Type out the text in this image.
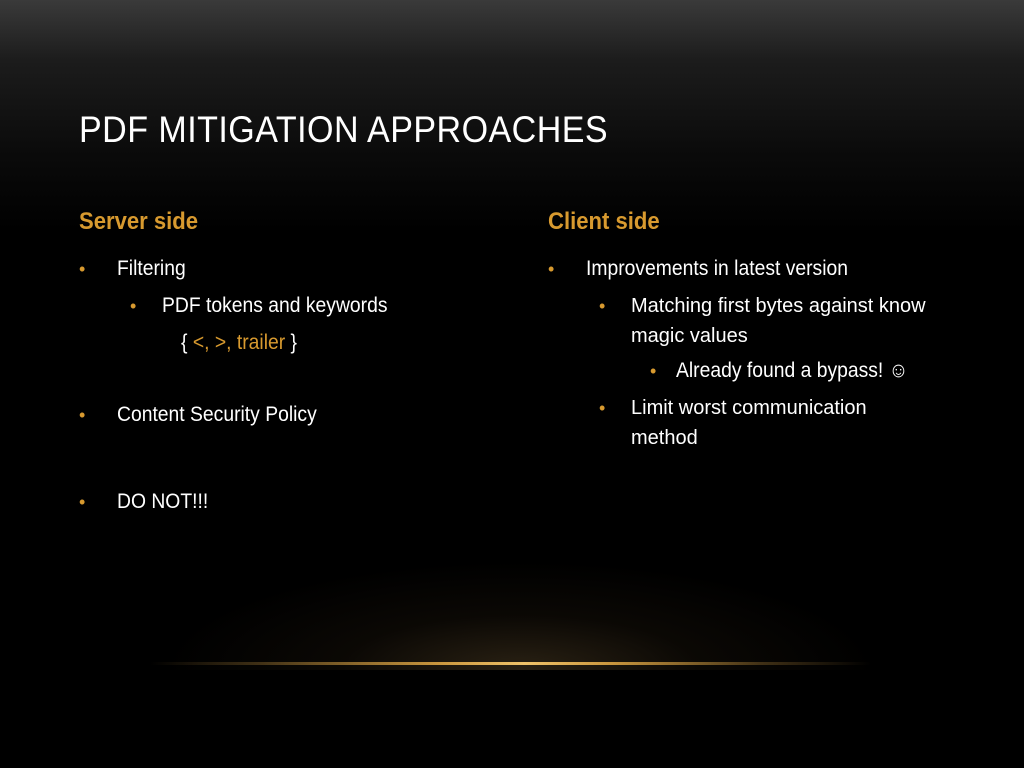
PDF MITIGATION APPROACHES
Server side
• Filtering
• PDF tokens and keywords
{ <, >, trailer }
• Content Security Policy
• DO NOT!!!
Client side
• Improvements in latest version
• Matching first bytes against know magic values
• Already found a bypass! ☺
• Limit worst communication method
